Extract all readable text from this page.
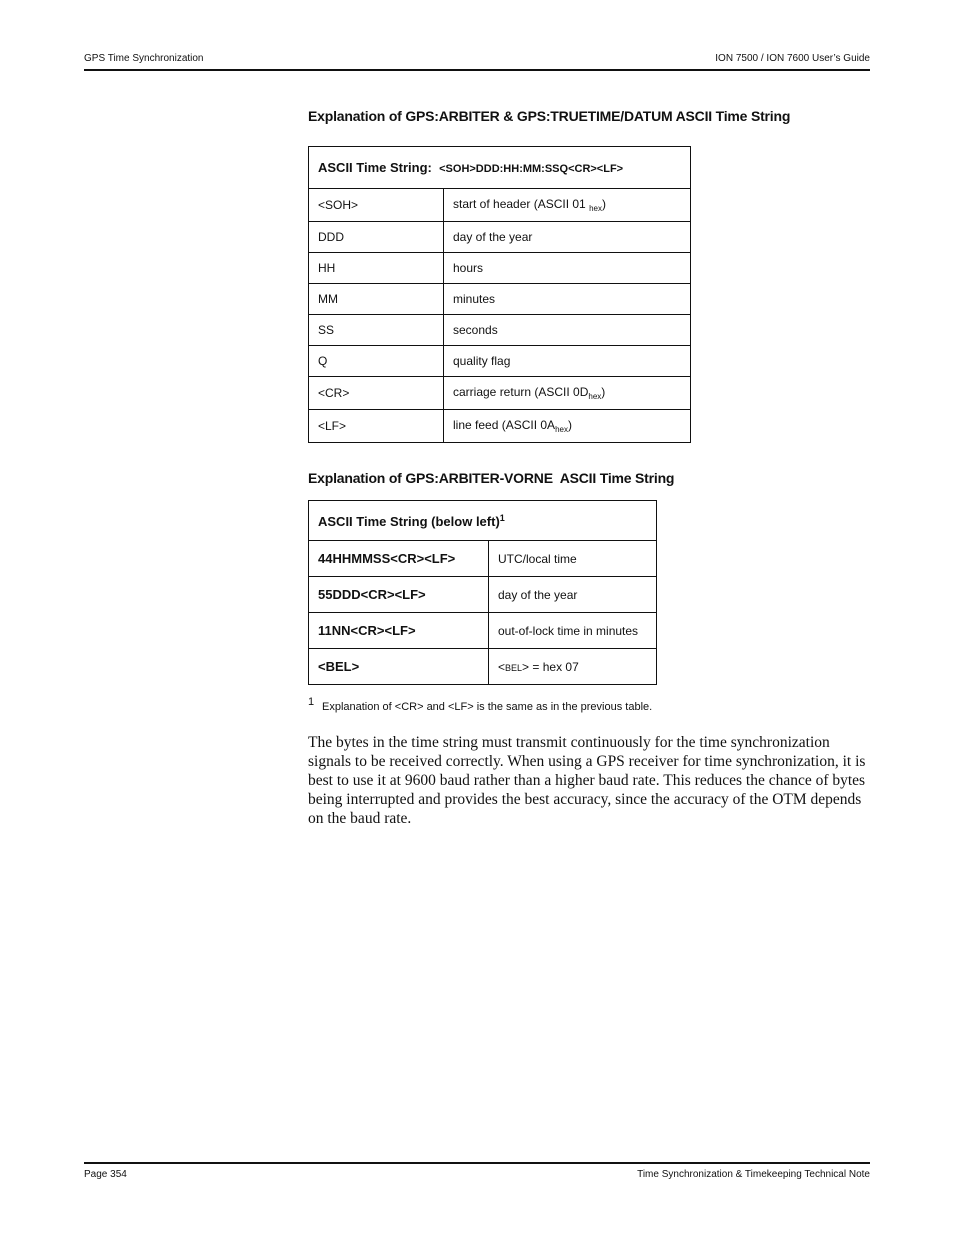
GPS Time Synchronization	ION 7500 / ION 7600 User’s Guide
Explanation of GPS:ARBITER & GPS:TRUETIME/DATUM ASCII Time String
ASCII Time String: <SOH>DDD:HH:MM:SSQ<CR><LF>	
<SOH>	start of header (ASCII 01 $_{hex}$)
DDD	day of the year
HH	hours
MM	minutes
SS	seconds
Q	quality flag
<CR>	carriage return (ASCII $0D_{hex}$)
<LF>	line feed (ASCII $0A_{hex}$)
Explanation of GPS:ARBITER-VORNE  ASCII Time String
ASCII Time String (below left)$^1$
44HHMMSS<CR><LF>	UTC/local time
55DDD<CR><LF>	day of the year
11NN<CR><LF>	out-of-lock time in minutes
<BEL>	<BEL> = hex 07
1 Explanation of <CR> and <LF> is the same as in the previous table.

The bytes in the time string must transmit continuously for the time synchronization signals to be received correctly. When using a GPS receiver for time synchronization, it is best to use it at 9600 baud rather than a higher baud rate. This reduces the chance of bytes being interrupted and provides the best accuracy, since the accuracy of the OTM depends on the baud rate.

Page 354	Time Synchronization & Timekeeping Technical Note
